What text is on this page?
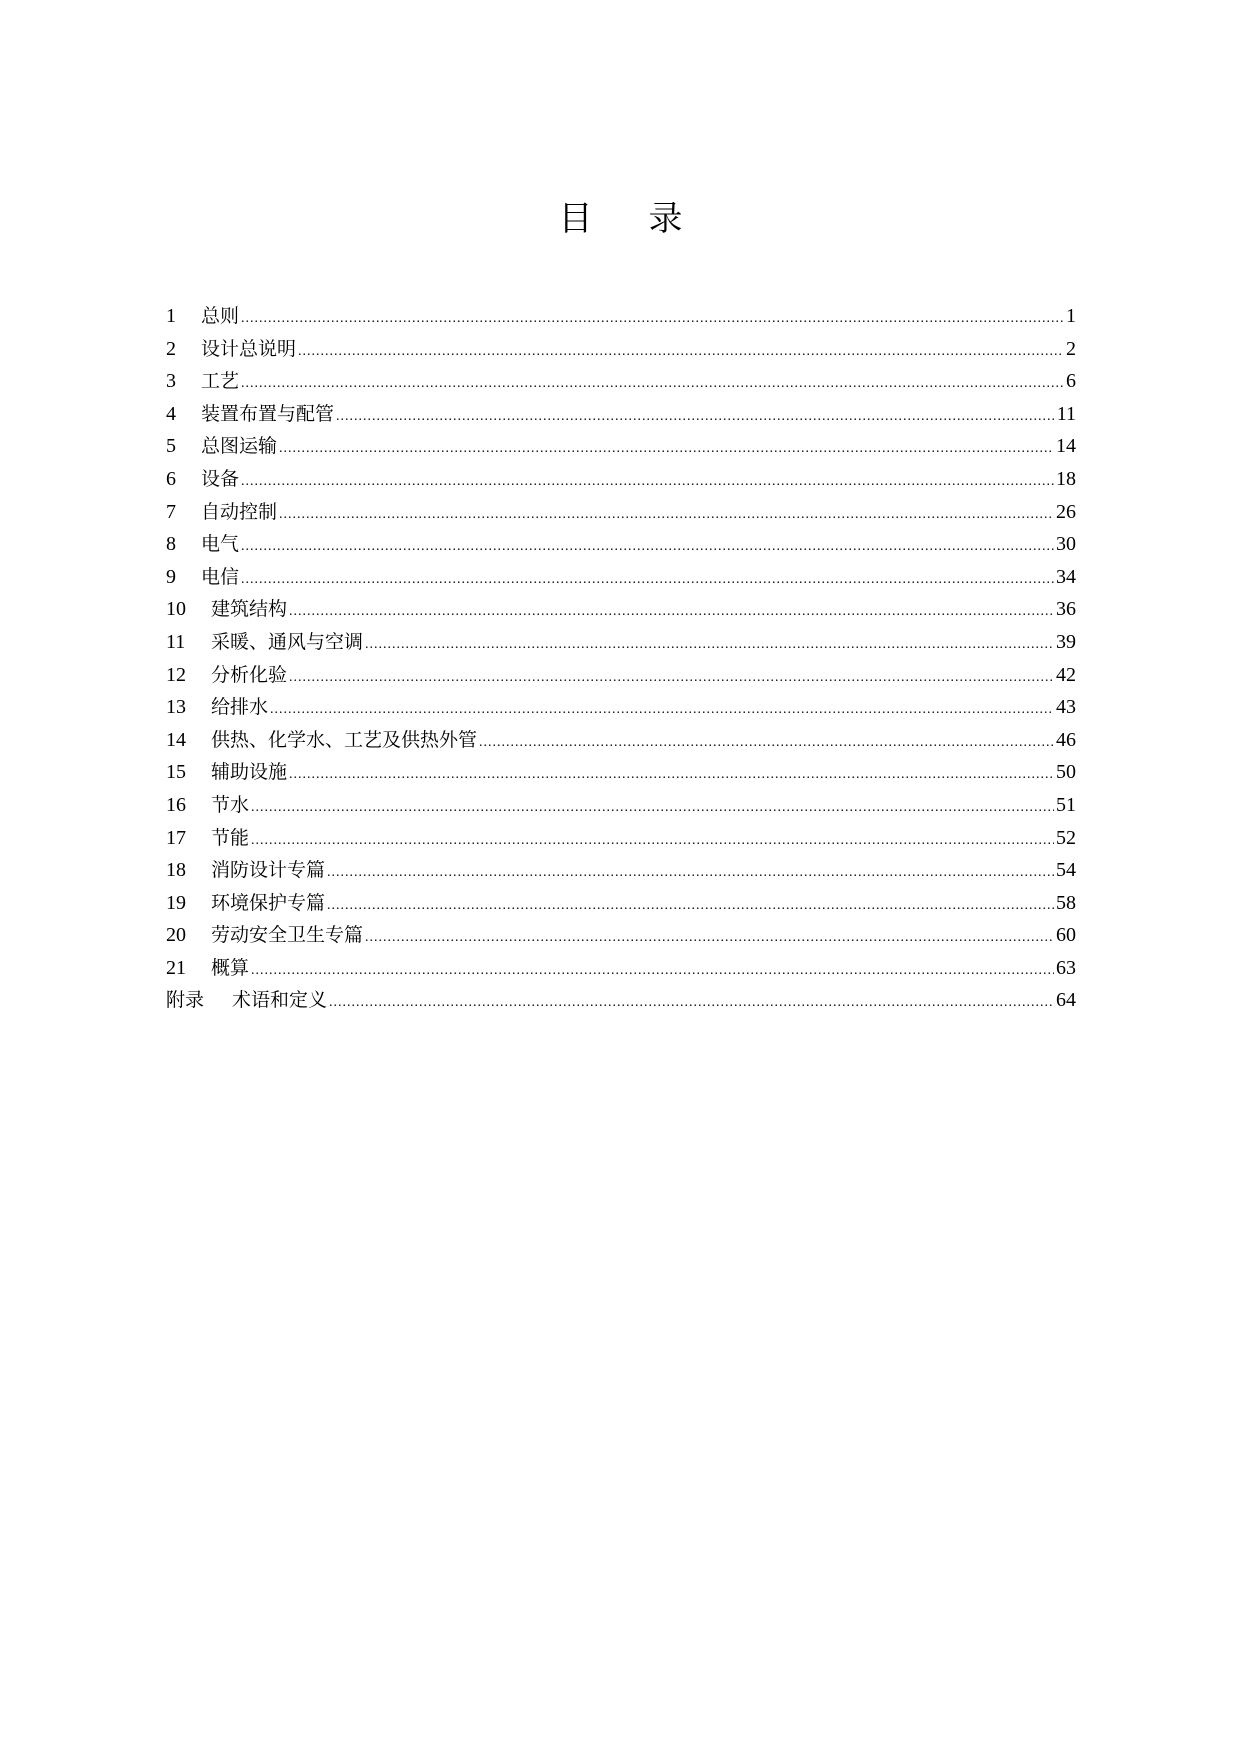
目 录
1	总则 .....	1
2	设计总说明 .....	2
3	工艺 .....	6
4	装置布置与配管 .....	11
5	总图运输 .....	14
6	设备 .....	18
7	自动控制 .....	26
8	电气 .....	30
9	电信 .....	34
10	建筑结构 .....	36
11	采暖、通风与空调 .....	39
12	分析化验 .....	42
13	给排水 .....	43
14	供热、化学水、工艺及供热外管 .....	46
15	辅助设施 .....	50
16	节水 .....	51
17	节能 .....	52
18	消防设计专篇 .....	54
19	环境保护专篇 .....	58
20	劳动安全卫生专篇 .....	60
21	概算 .....	63
附录	术语和定义 .....	64
